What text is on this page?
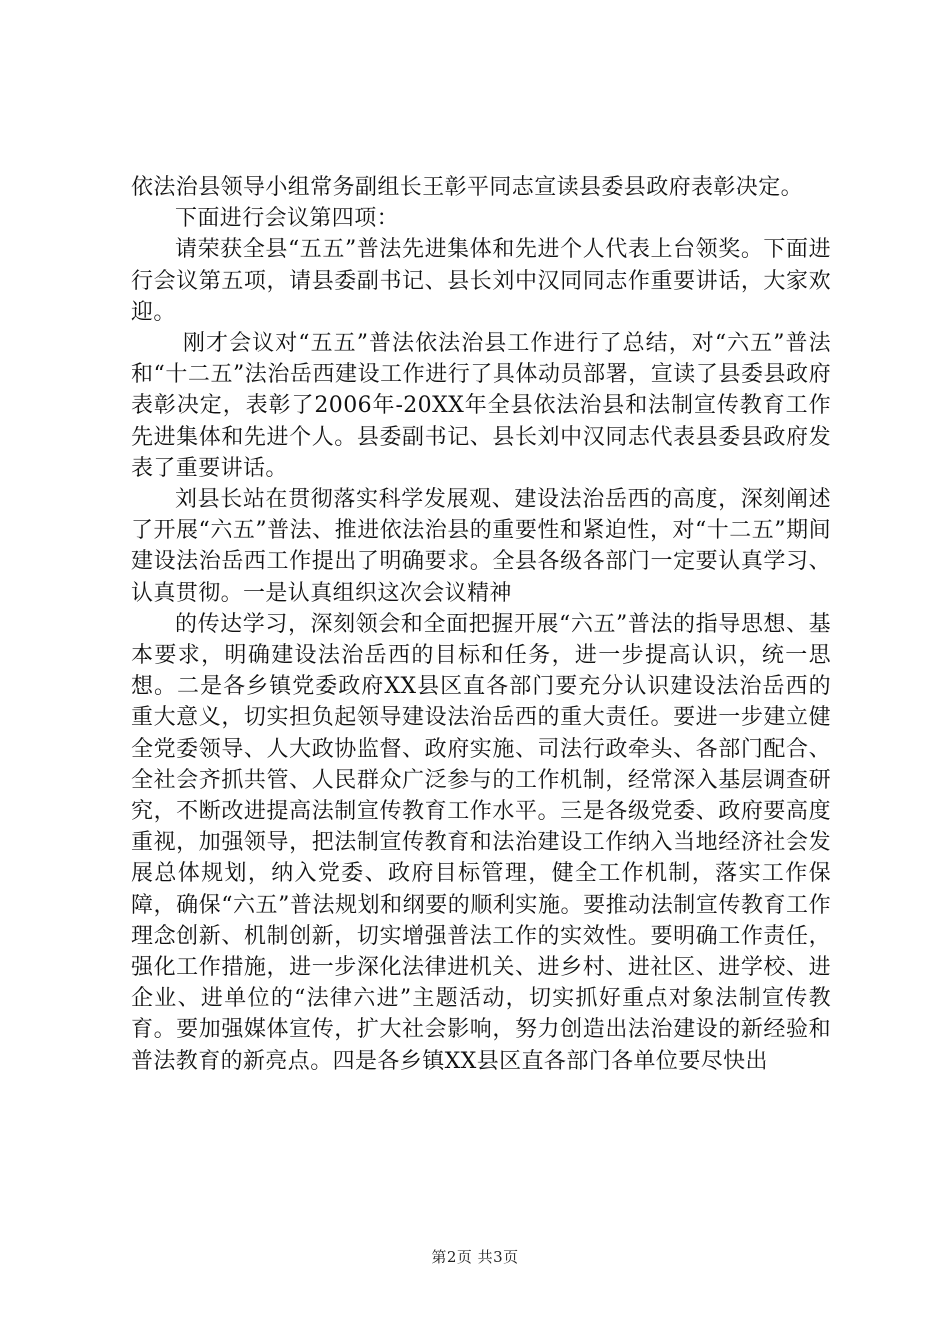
依法治县领导小组常务副组长王彰平同志宣读县委县政府表彰决定。

下面进行会议第四项：

请荣获全县“五五”普法先进集体和先进个人代表上台领奖。下面进行会议第五项，请县委副书记、县长刘中汉同同志作重要讲话，大家欢迎。

刚才会议对“五五”普法依法治县工作进行了总结，对“六五”普法和“十二五”法治岳西建设工作进行了具体动员部署，宣读了县委县政府表彰决定，表彰了2006年-20XX年全县依法治县和法制宣传教育工作先进集体和先进个人。县委副书记、县长刘中汉同志代表县委县政府发表了重要讲话。

刘县长站在贯彻落实科学发展观、建设法治岳西的高度，深刻阐述了开展“六五”普法、推进依法治县的重要性和紧迫性，对“十二五”期间建设法治岳西工作提出了明确要求。全县各级各部门一定要认真学习、认真贯彻。一是认真组织这次会议精神

的传达学习，深刻领会和全面把握开展“六五”普法的指导思想、基本要求，明确建设法治岳西的目标和任务，进一步提高认识，统一思想。二是各乡镇党委政府XX县区直各部门要充分认识建设法治岳西的重大意义，切实担负起领导建设法治岳西的重大责任。要进一步建立健全党委领导、人大政协监督、政府实施、司法行政牵头、各部门配合、全社会齐抓共管、人民群众广泛参与的工作机制，经常深入基层调查研究，不断改进提高法制宣传教育工作水平。三是各级党委、政府要高度重视，加强领导，把法制宣传教育和法治建设工作纳入当地经济社会发展总体规划，纳入党委、政府目标管理，健全工作机制，落实工作保障，确保“六五”普法规划和纲要的顺利实施。要推动法制宣传教育工作理念创新、机制创新，切实增强普法工作的实效性。要明确工作责任，强化工作措施，进一步深化法律进机关、进乡村、进社区、进学校、进企业、进单位的“法律六进”主题活动，切实抓好重点对象法制宣传教育。要加强媒体宣传，扩大社会影响，努力创造出法治建设的新经验和普法教育的新亮点。四是各乡镇XX县区直各部门各单位要尽快出

第2页 共3页
